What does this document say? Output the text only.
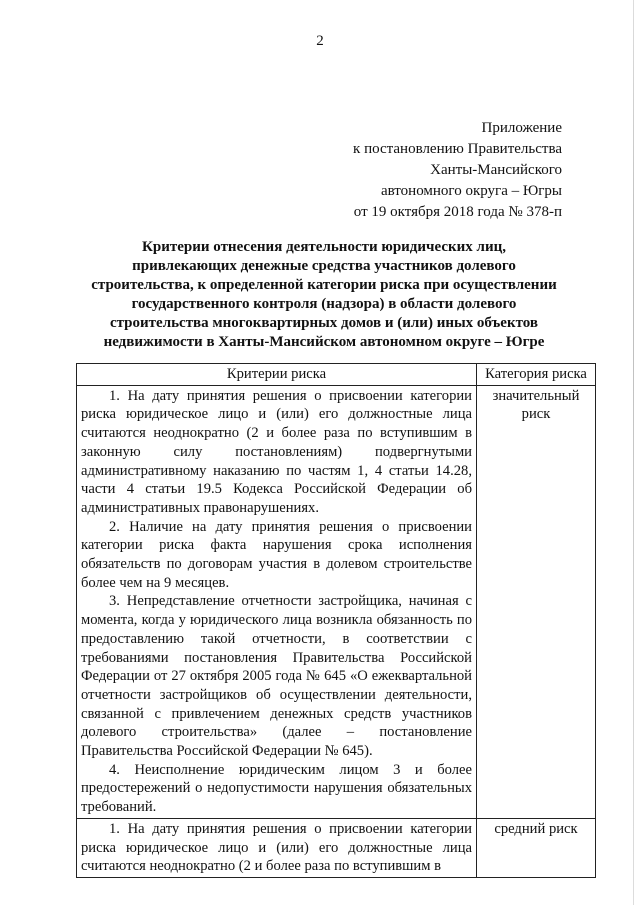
2
Приложение
к постановлению Правительства
Ханты-Мансийского
автономного округа – Югры
от 19 октября 2018 года № 378-п
Критерии отнесения деятельности юридических лиц, привлекающих денежные средства участников долевого строительства, к определенной категории риска при осуществлении государственного контроля (надзора) в области долевого строительства многоквартирных домов и (или) иных объектов недвижимости в Ханты-Мансийском автономном округе – Югре
Критерии риска	Категория риска

1. На дату принятия решения о присвоении категории риска юридическое лицо и (или) его должностные лица считаются неоднократно (2 и более раза по вступившим в законную силу постановлениям) подвергнутыми административному наказанию по частям 1, 4 статьи 14.28, части 4 статьи 19.5 Кодекса Российской Федерации об административных правонарушениях.

2. Наличие на дату принятия решения о присвоении категории риска факта нарушения срока исполнения обязательств по договорам участия в долевом строительстве более чем на 9 месяцев.

3. Непредставление отчетности застройщика, начиная с момента, когда у юридического лица возникла обязанность по предоставлению такой отчетности, в соответствии с требованиями постановления Правительства Российской Федерации от 27 октября 2005 года № 645 «О ежеквартальной отчетности застройщиков об осуществлении деятельности, связанной с привлечением денежных средств участников долевого строительства» (далее – постановление Правительства Российской Федерации № 645).

4. Неисполнение юридическим лицом 3 и более предостережений о недопустимости нарушения обязательных требований.	значительный риск

1. На дату принятия решения о присвоении категории риска юридическое лицо и (или) его должностные лица считаются неоднократно (2 и более раза по вступившим в	средний риск
